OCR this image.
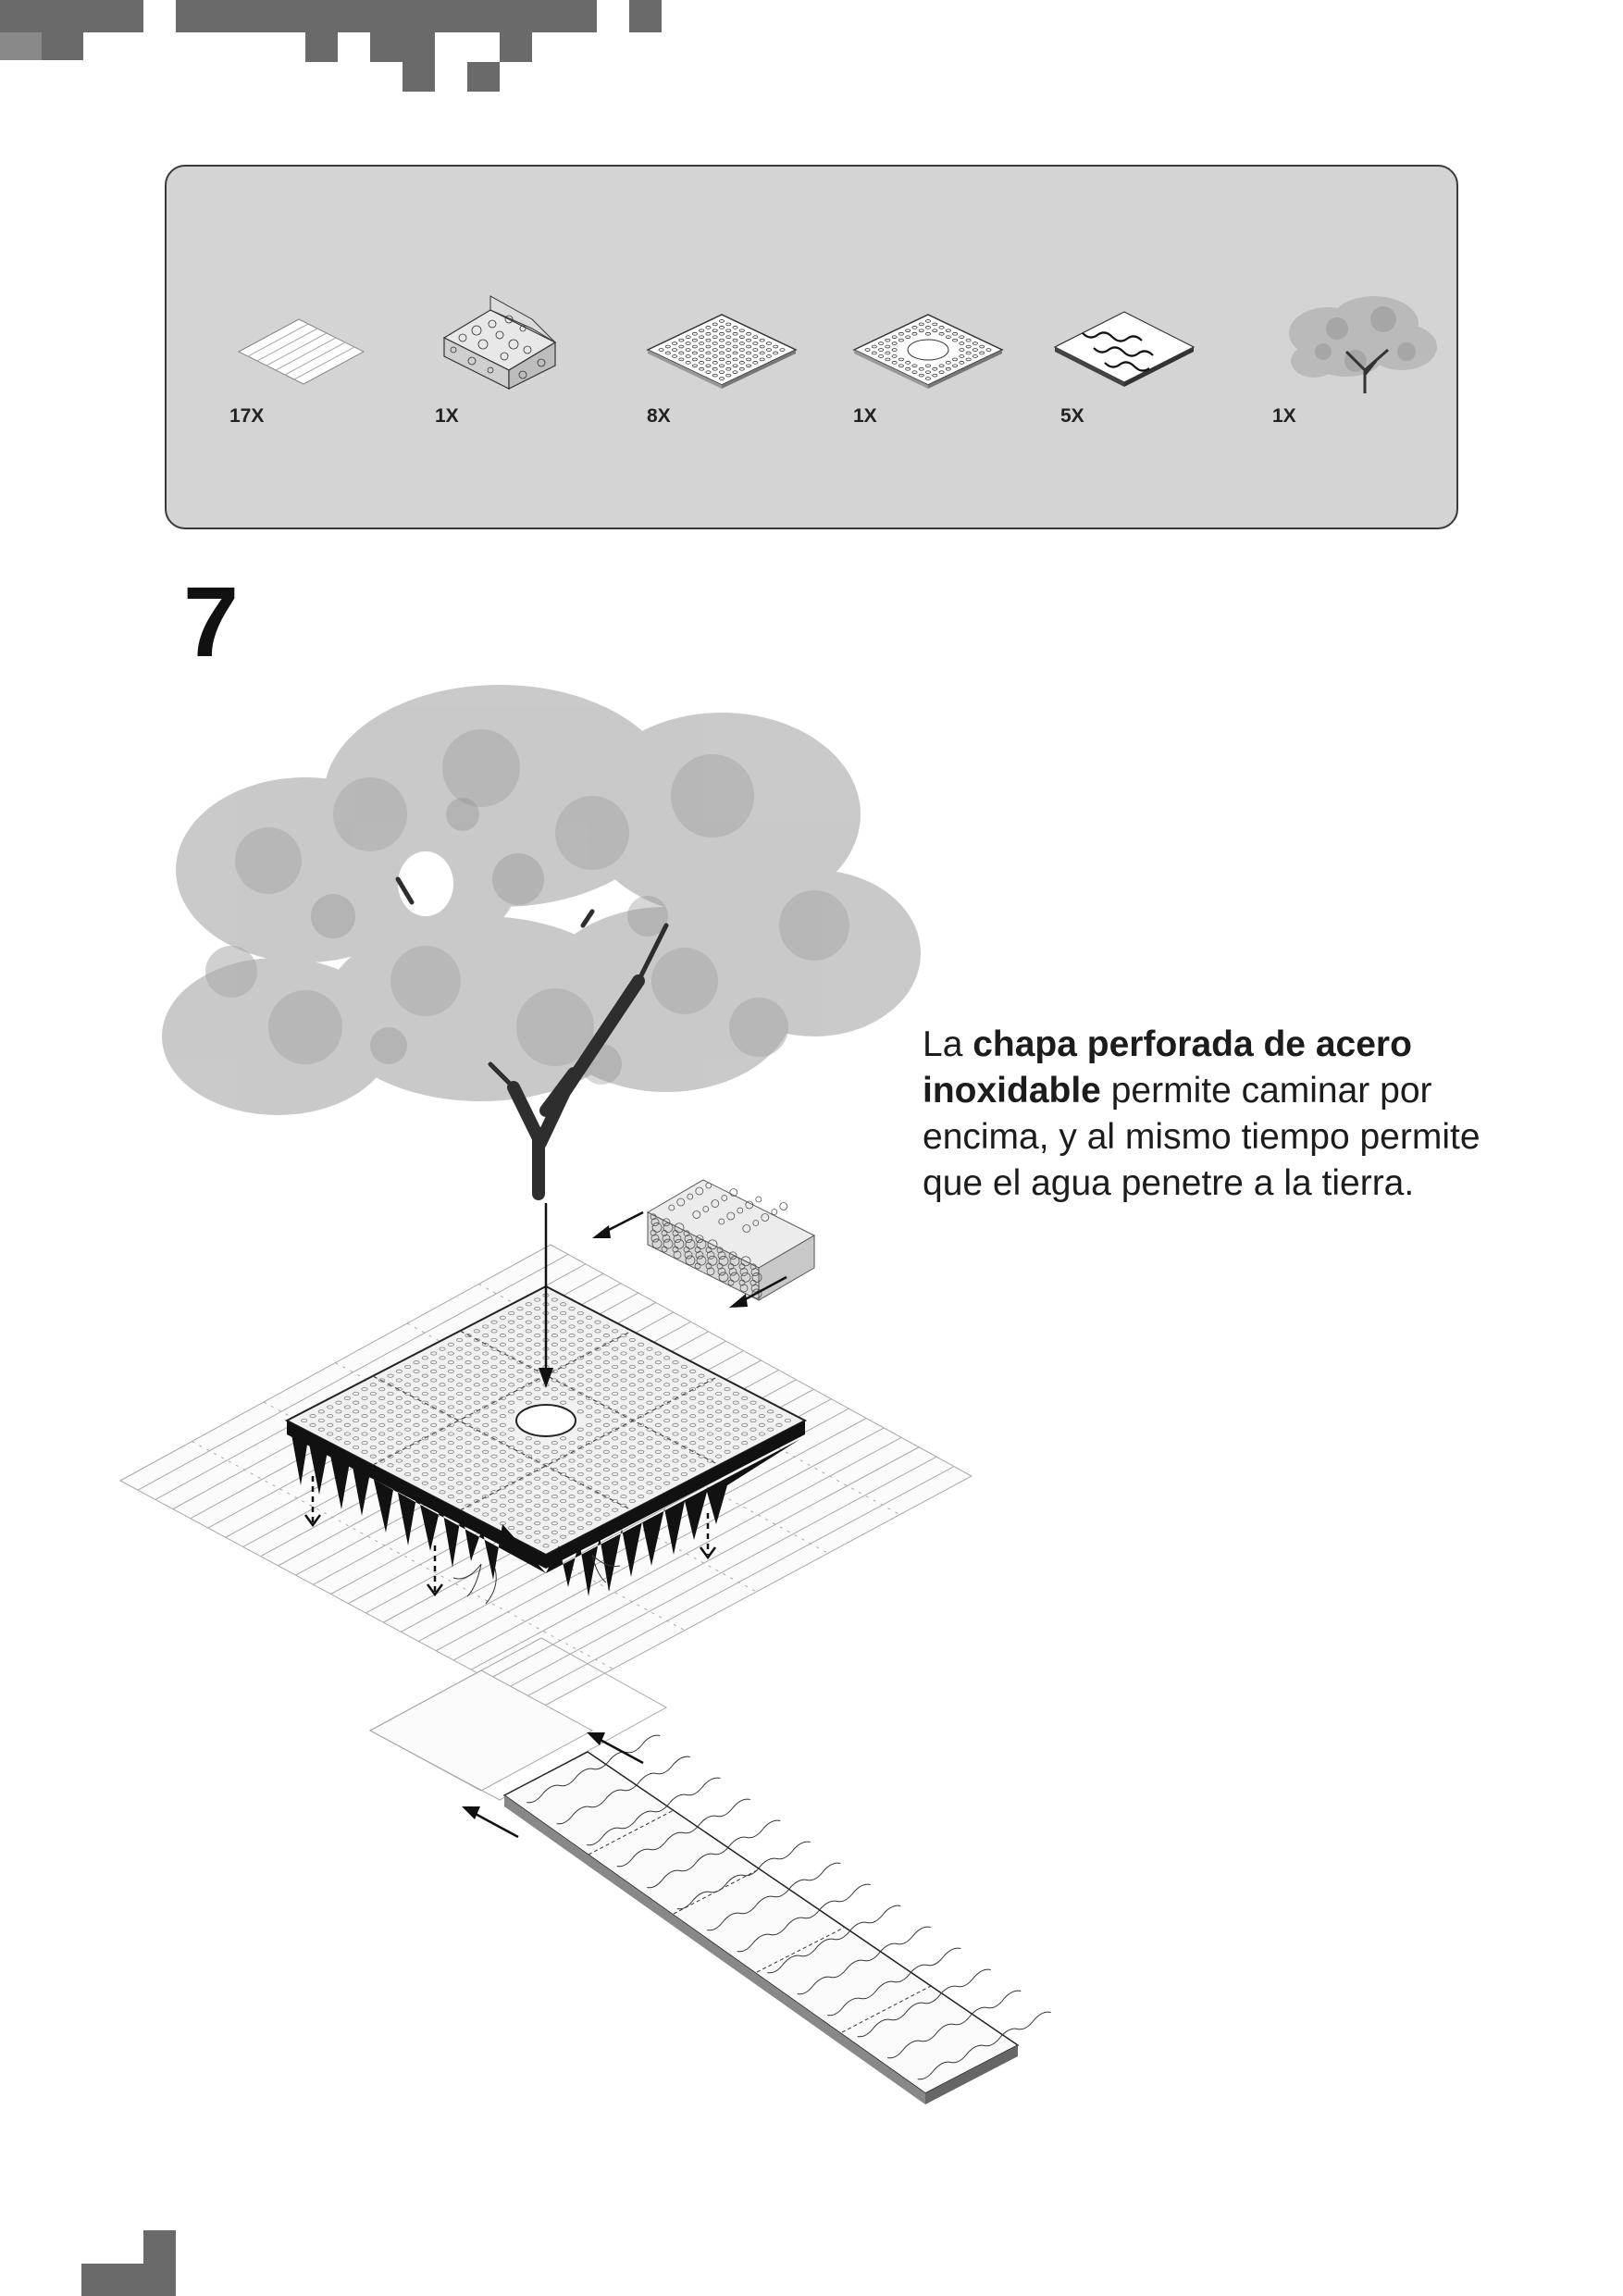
17X	1X	8X	1X	5X	1X
7
La chapa perforada de acero inoxidable permite caminar por encima, y al mismo tiempo permite que el agua penetre a la tierra.
